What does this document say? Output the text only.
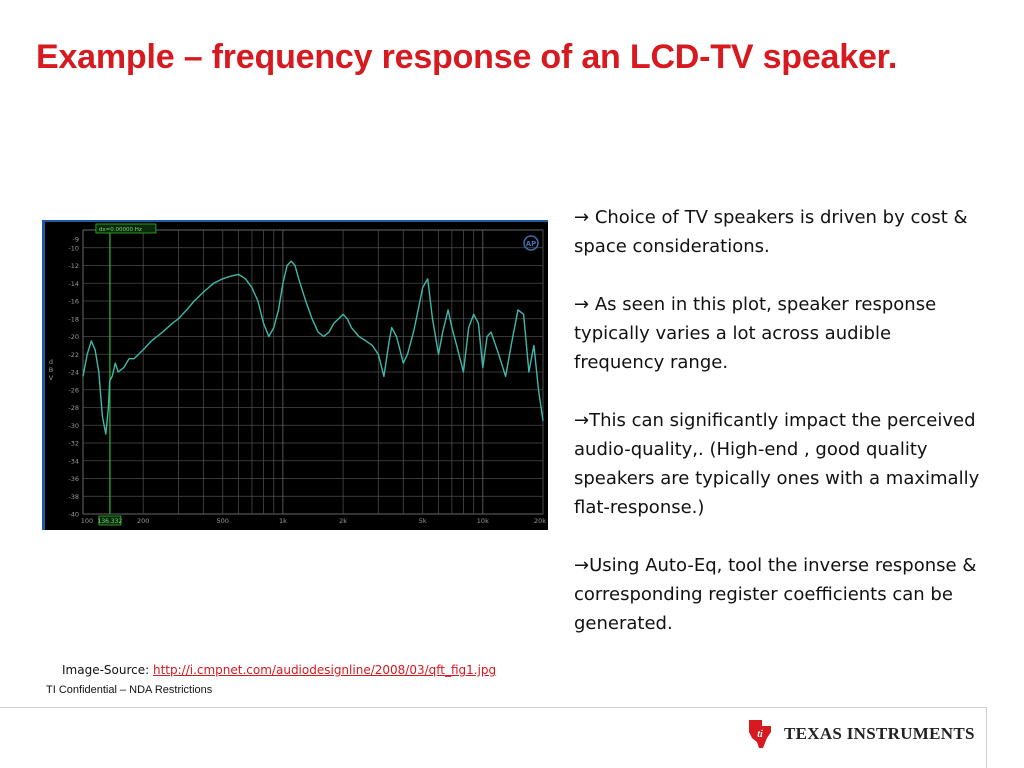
Example – frequency response of an LCD-TV speaker.
-9
-10
-12
-14
-16
-18
-20
-22
-24
-26
-28
-30
-32
-34
-36
-38
-40
100	200	500	1k	2k	5k	10k	20k
d
B
V
136.332
dx=0.00000 Hz
AP

→ Choice of TV speakers is driven by cost & space considerations.

→ As seen in this plot, speaker response typically varies a lot across audible frequency range.

→This can significantly impact the perceived audio-quality,. (High-end , good quality speakers are typically ones with a maximally flat-response.)

→Using Auto-Eq, tool the inverse response & corresponding register coefficients can be generated.

Image-Source: http://i.cmpnet.com/audiodesignline/2008/03/qft_fig1.jpg
TI Confidential – NDA Restrictions
ti TEXAS INSTRUMENTS
